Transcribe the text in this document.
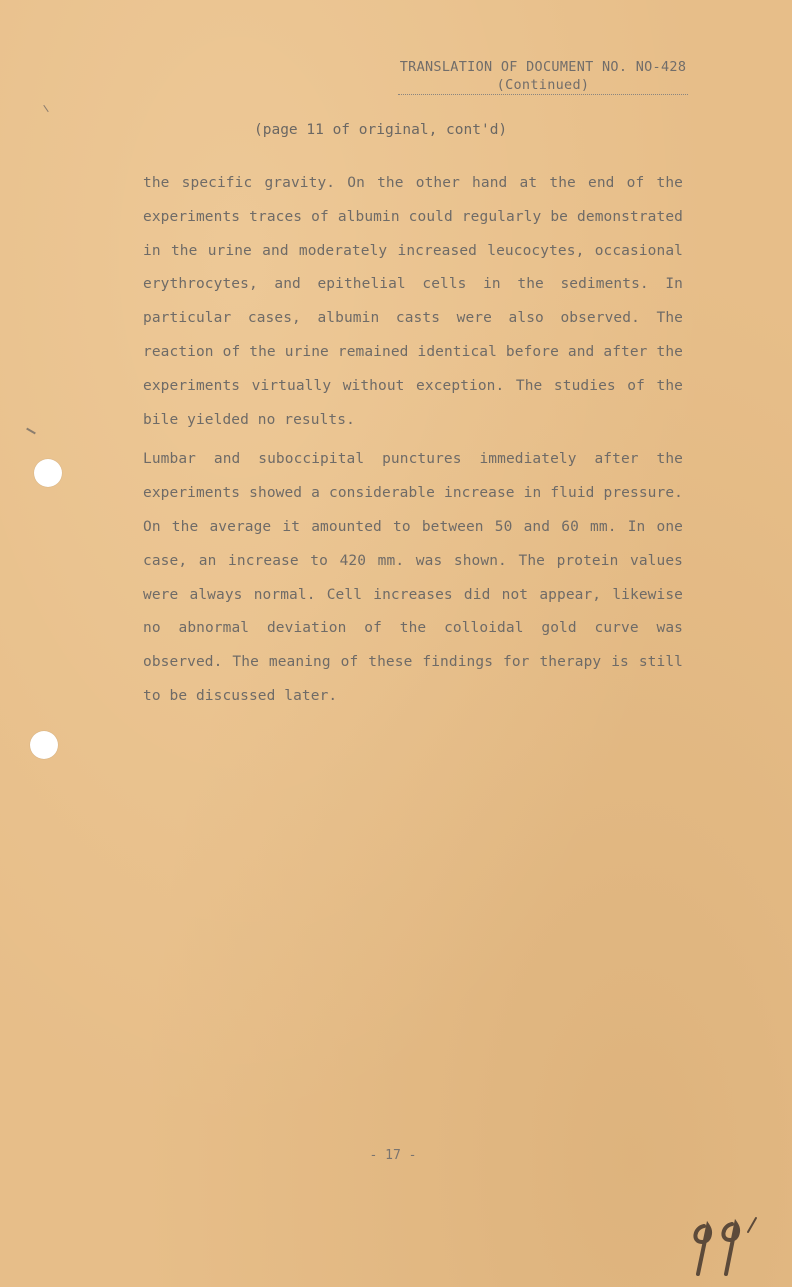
TRANSLATION OF DOCUMENT NO. NO-428
(Continued)
(page 11 of original, cont'd)

the specific gravity. On the other hand at the end of the experiments traces of albumin could regularly be demonstrated in the urine and moderately increased leucocytes, occasional erythrocytes, and epithelial cells in the sediments. In particular cases, albumin casts were also observed. The reaction of the urine remained identical before and after the experiments virtually without exception. The studies of the bile yielded no results.

Lumbar and suboccipital punctures immediately after the experiments showed a considerable increase in fluid pressure. On the average it amounted to between 50 and 60 mm. In one case, an increase to 420 mm. was shown. The protein values were always normal. Cell increases did not appear, likewise no abnormal deviation of the colloidal gold curve was observed. The meaning of these findings for therapy is still to be discussed later.

- 17 -
